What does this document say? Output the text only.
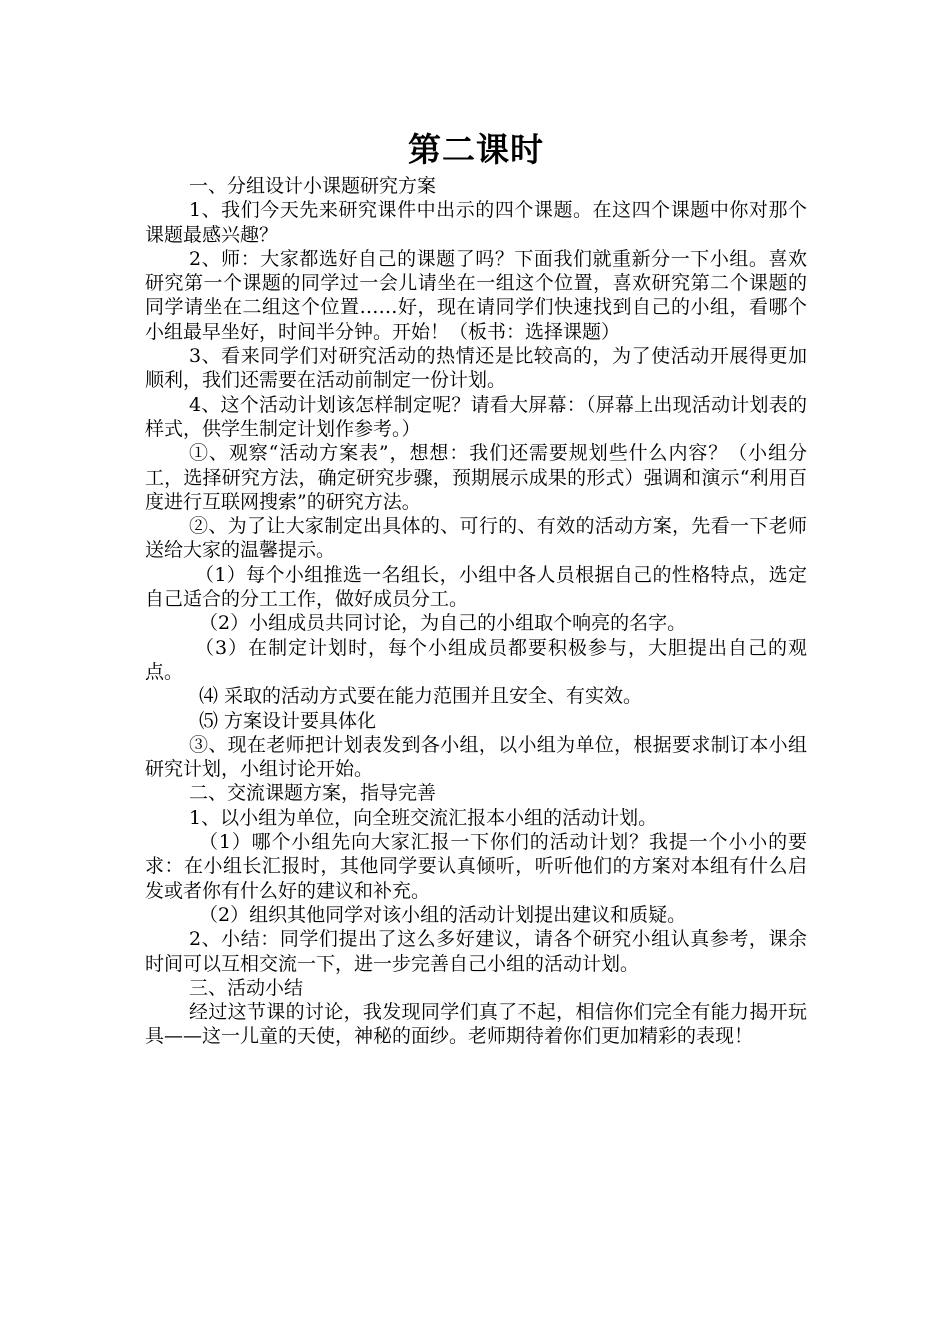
第二课时

一、分组设计小课题研究方案

1、我们今天先来研究课件中出示的四个课题。在这四个课题中你对那个课题最感兴趣？

2、师：大家都选好自己的课题了吗？下面我们就重新分一下小组。喜欢研究第一个课题的同学过一会儿请坐在一组这个位置，喜欢研究第二个课题的同学请坐在二组这个位置……好，现在请同学们快速找到自己的小组，看哪个小组最早坐好，时间半分钟。开始！（板书：选择课题）

3、看来同学们对研究活动的热情还是比较高的，为了使活动开展得更加顺利，我们还需要在活动前制定一份计划。

4、这个活动计划该怎样制定呢？请看大屏幕：（屏幕上出现活动计划表的样式，供学生制定计划作参考。）

①、观察“活动方案表”，想想：我们还需要规划些什么内容？（小组分工，选择研究方法，确定研究步骤，预期展示成果的形式）强调和演示“利用百度进行互联网搜索”的研究方法。

②、为了让大家制定出具体的、可行的、有效的活动方案，先看一下老师送给大家的温馨提示。

（1）每个小组推选一名组长，小组中各人员根据自己的性格特点，选定自己适合的分工工作，做好成员分工。

（2）小组成员共同讨论，为自己的小组取个响亮的名字。

（3）在制定计划时，每个小组成员都要积极参与，大胆提出自己的观点。

⑷ 采取的活动方式要在能力范围并且安全、有实效。

⑸ 方案设计要具体化

③、现在老师把计划表发到各小组，以小组为单位，根据要求制订本小组研究计划，小组讨论开始。

二、交流课题方案，指导完善

1、以小组为单位，向全班交流汇报本小组的活动计划。

（1）哪个小组先向大家汇报一下你们的活动计划？我提一个小小的要求：在小组长汇报时，其他同学要认真倾听，听听他们的方案对本组有什么启发或者你有什么好的建议和补充。

（2）组织其他同学对该小组的活动计划提出建议和质疑。

2、小结：同学们提出了这么多好建议，请各个研究小组认真参考，课余时间可以互相交流一下，进一步完善自己小组的活动计划。

三、活动小结

经过这节课的讨论，我发现同学们真了不起，相信你们完全有能力揭开玩具——这一儿童的天使，神秘的面纱。老师期待着你们更加精彩的表现！
